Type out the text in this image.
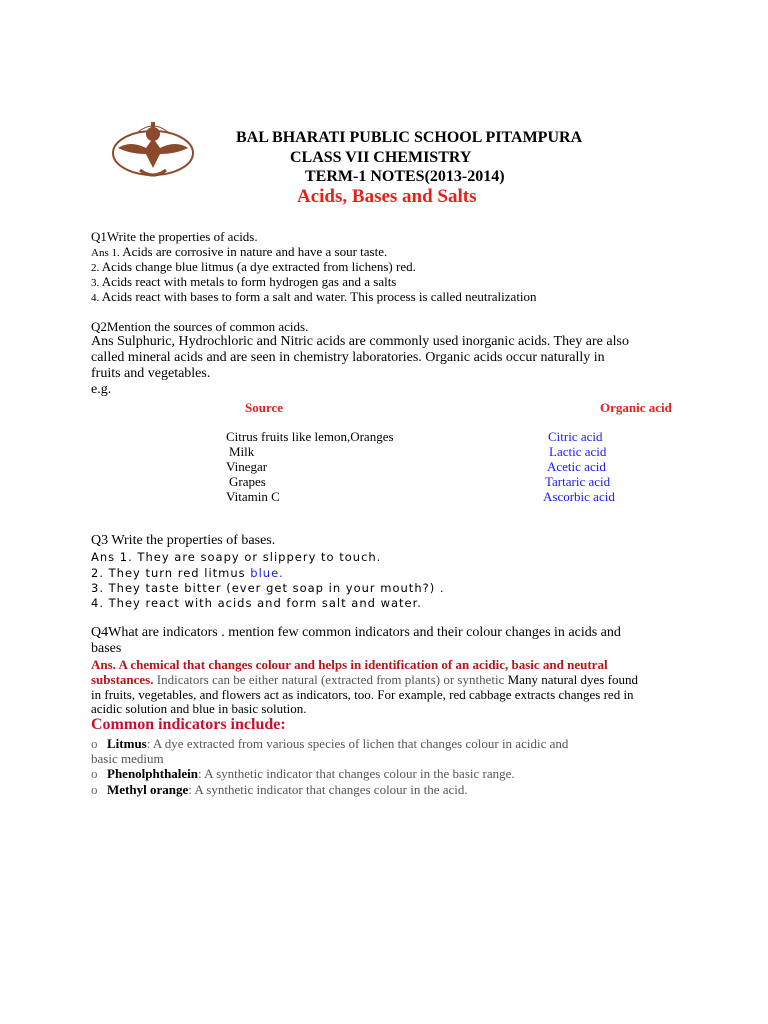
BAL BHARATI PUBLIC SCHOOL PITAMPURA
CLASS VII CHEMISTRY
TERM-1 NOTES(2013-2014)
Acids, Bases and Salts
Q1Write the properties of acids.
Ans 1. Acids are corrosive in nature and have a sour taste.
2. Acids change blue litmus (a dye extracted from lichens) red.
3. Acids react with metals to form hydrogen gas and a salts
4. Acids react with bases to form a salt and water. This process is called neutralization
Q2Mention the sources of common acids.
Ans Sulphuric, Hydrochloric and Nitric acids are commonly used inorganic acids. They are also
called mineral acids and are seen in chemistry laboratories. Organic acids occur naturally in
fruits and vegetables.
e.g.
Source	Organic acid
Citrus fruits like lemon,Oranges	Citric acid
Milk	Lactic acid
Vinegar	Acetic acid
Grapes	Tartaric acid
Vitamin C	Ascorbic acid
Q3 Write the properties of bases.
Ans 1. They are soapy or slippery to touch.
2. They turn red litmus blue.
3. They taste bitter (ever get soap in your mouth?) .
4. They react with acids and form salt and water.
Q4What are indicators . mention few common indicators and their colour changes in acids and
bases
Ans. A chemical that changes colour and helps in identification of an acidic, basic and neutral
substances. Indicators can be either natural (extracted from plants) or synthetic Many natural dyes found
in fruits, vegetables, and flowers act as indicators, too. For example, red cabbage extracts changes red in
acidic solution and blue in basic solution.
Common indicators include:
o Litmus: A dye extracted from various species of lichen that changes colour in acidic and
basic medium
o Phenolphthalein: A synthetic indicator that changes colour in the basic range.
o Methyl orange: A synthetic indicator that changes colour in the acid.
